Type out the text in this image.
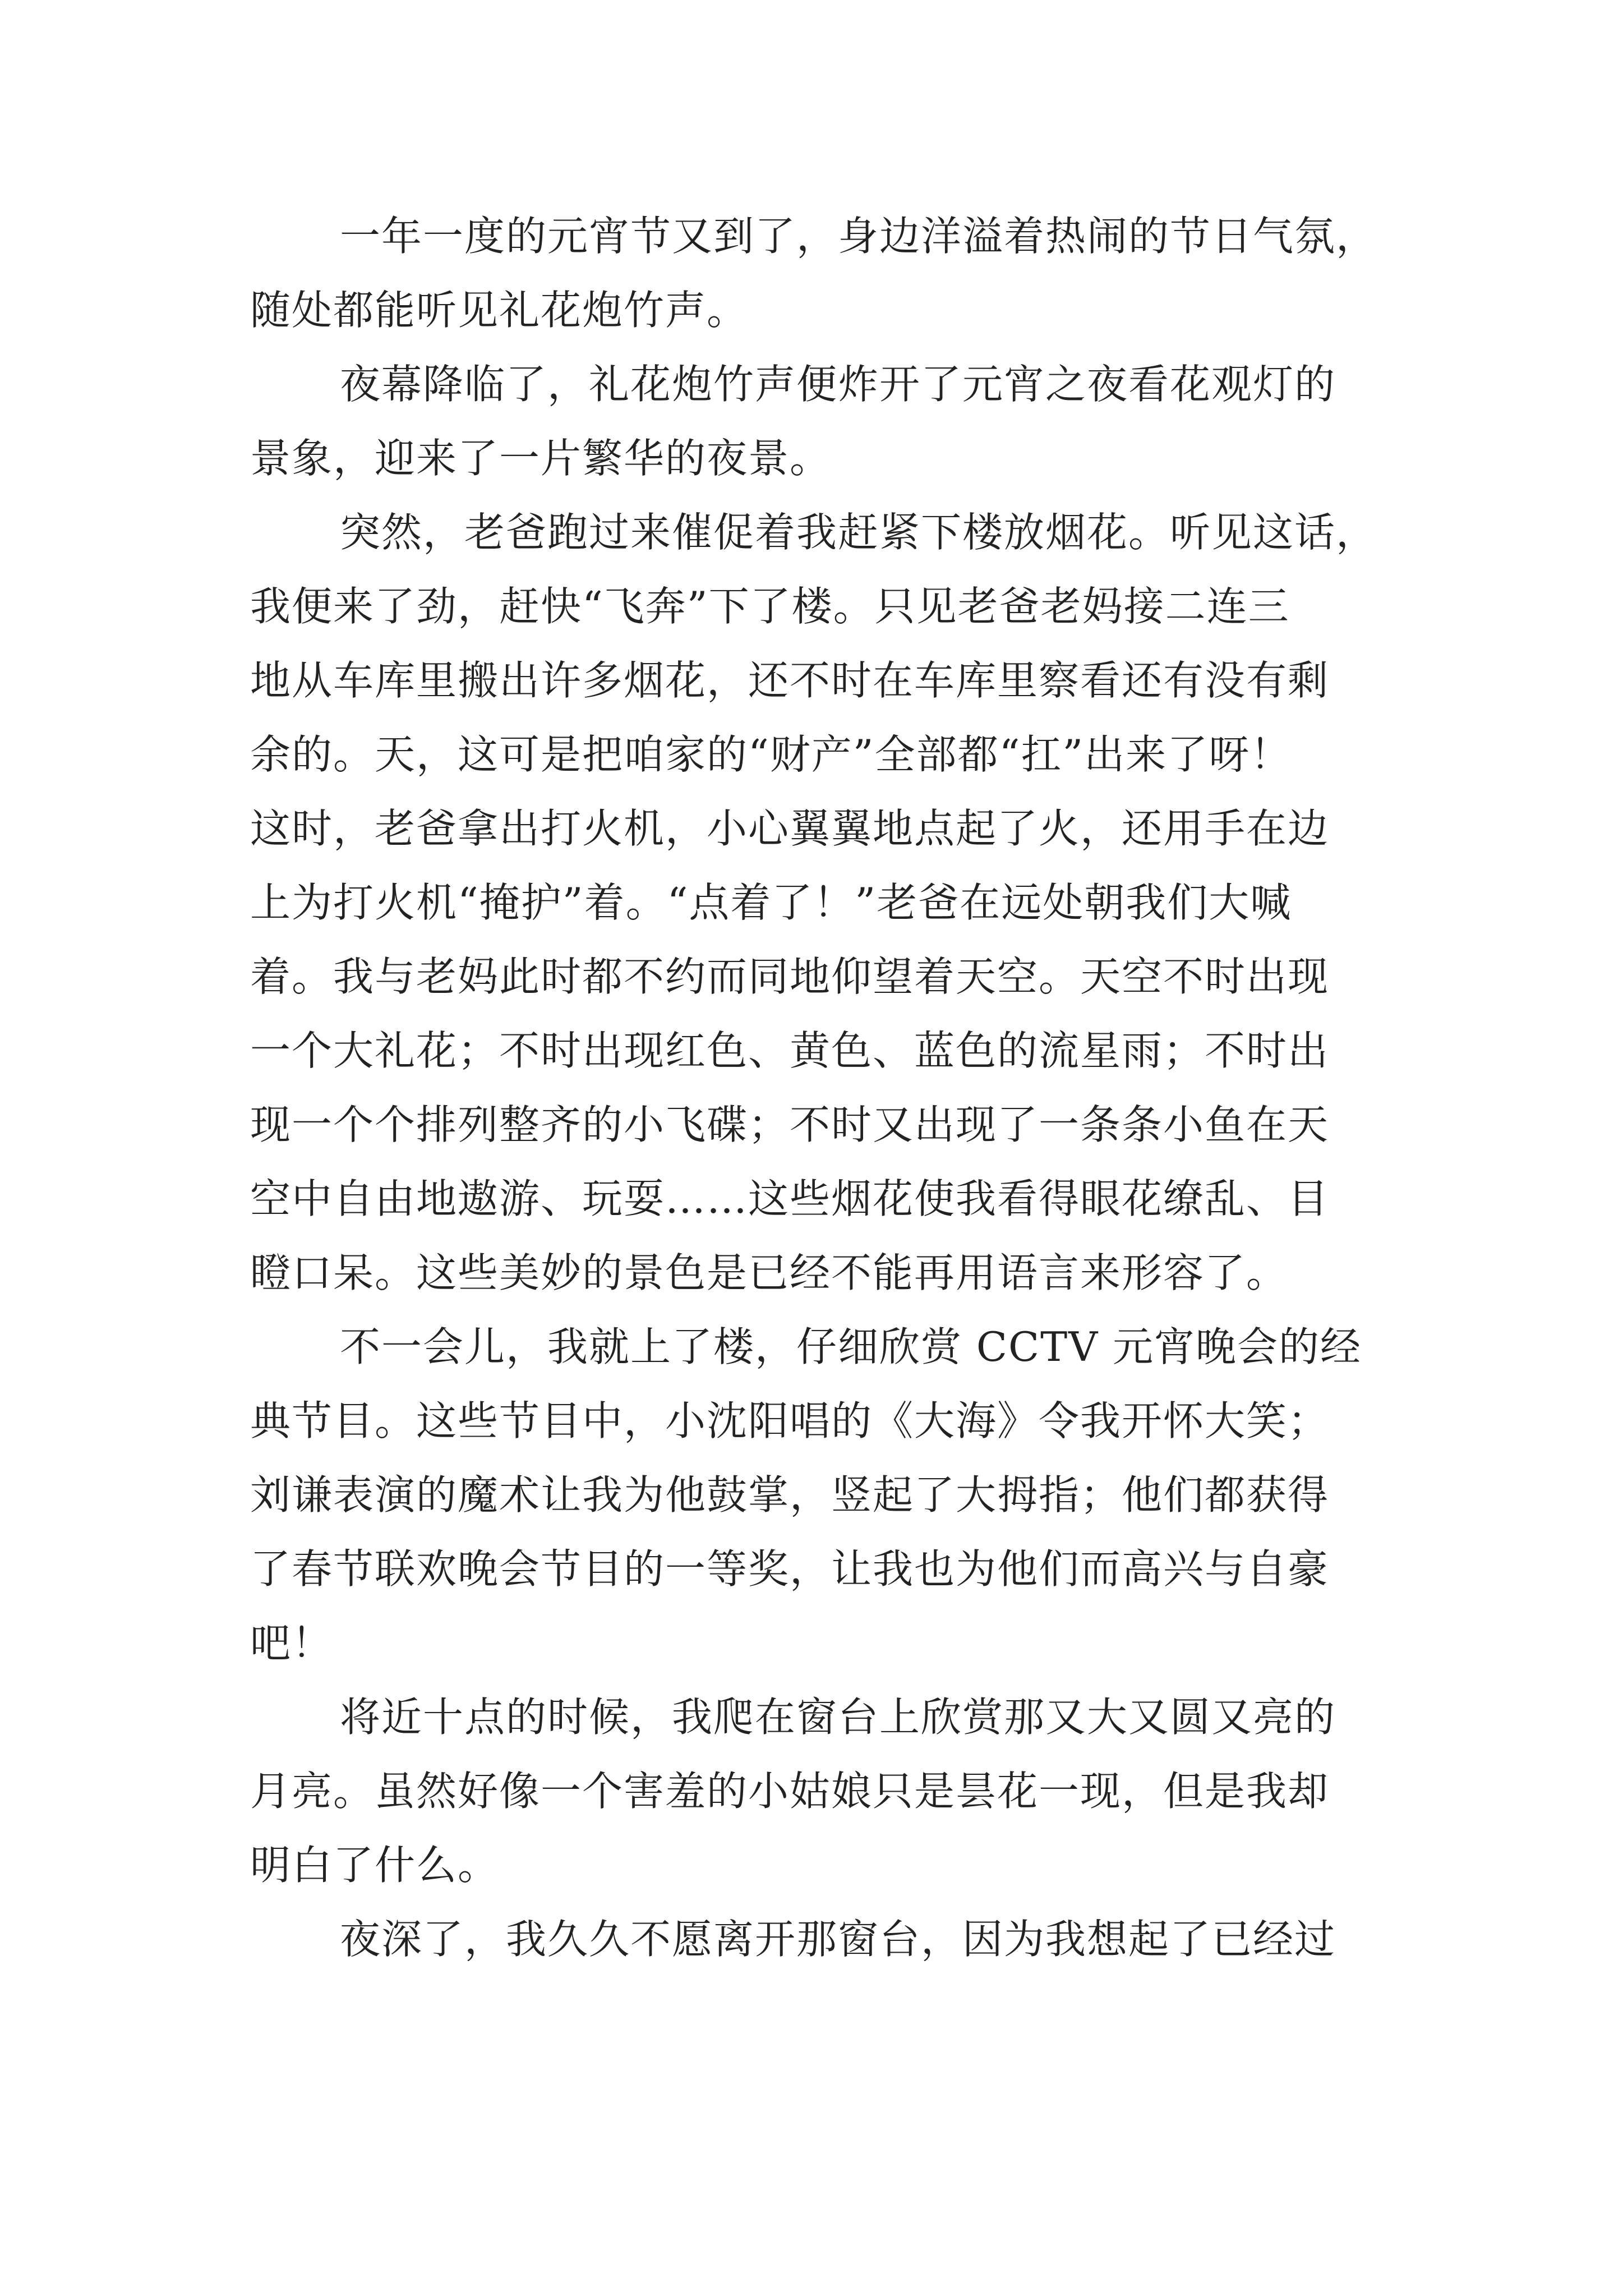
一年一度的元宵节又到了，身边洋溢着热闹的节日气氛，
随处都能听见礼花炮竹声。
夜幕降临了，礼花炮竹声便炸开了元宵之夜看花观灯的
景象，迎来了一片繁华的夜景。
突然，老爸跑过来催促着我赶紧下楼放烟花。听见这话，
我便来了劲，赶快“飞奔”下了楼。只见老爸老妈接二连三
地从车库里搬出许多烟花，还不时在车库里察看还有没有剩
余的。天，这可是把咱家的“财产”全部都“扛”出来了呀！
这时，老爸拿出打火机，小心翼翼地点起了火，还用手在边
上为打火机“掩护”着。“点着了！”老爸在远处朝我们大喊
着。我与老妈此时都不约而同地仰望着天空。天空不时出现
一个大礼花；不时出现红色、黄色、蓝色的流星雨；不时出
现一个个排列整齐的小飞碟；不时又出现了一条条小鱼在天
空中自由地遨游、玩耍……这些烟花使我看得眼花缭乱、目
瞪口呆。这些美妙的景色是已经不能再用语言来形容了。
不一会儿，我就上了楼，仔细欣赏 CCTV 元宵晚会的经
典节目。这些节目中，小沈阳唱的《大海》令我开怀大笑；
刘谦表演的魔术让我为他鼓掌，竖起了大拇指；他们都获得
了春节联欢晚会节目的一等奖，让我也为他们而高兴与自豪
吧！
将近十点的时候，我爬在窗台上欣赏那又大又圆又亮的
月亮。虽然好像一个害羞的小姑娘只是昙花一现，但是我却
明白了什么。
夜深了，我久久不愿离开那窗台，因为我想起了已经过
